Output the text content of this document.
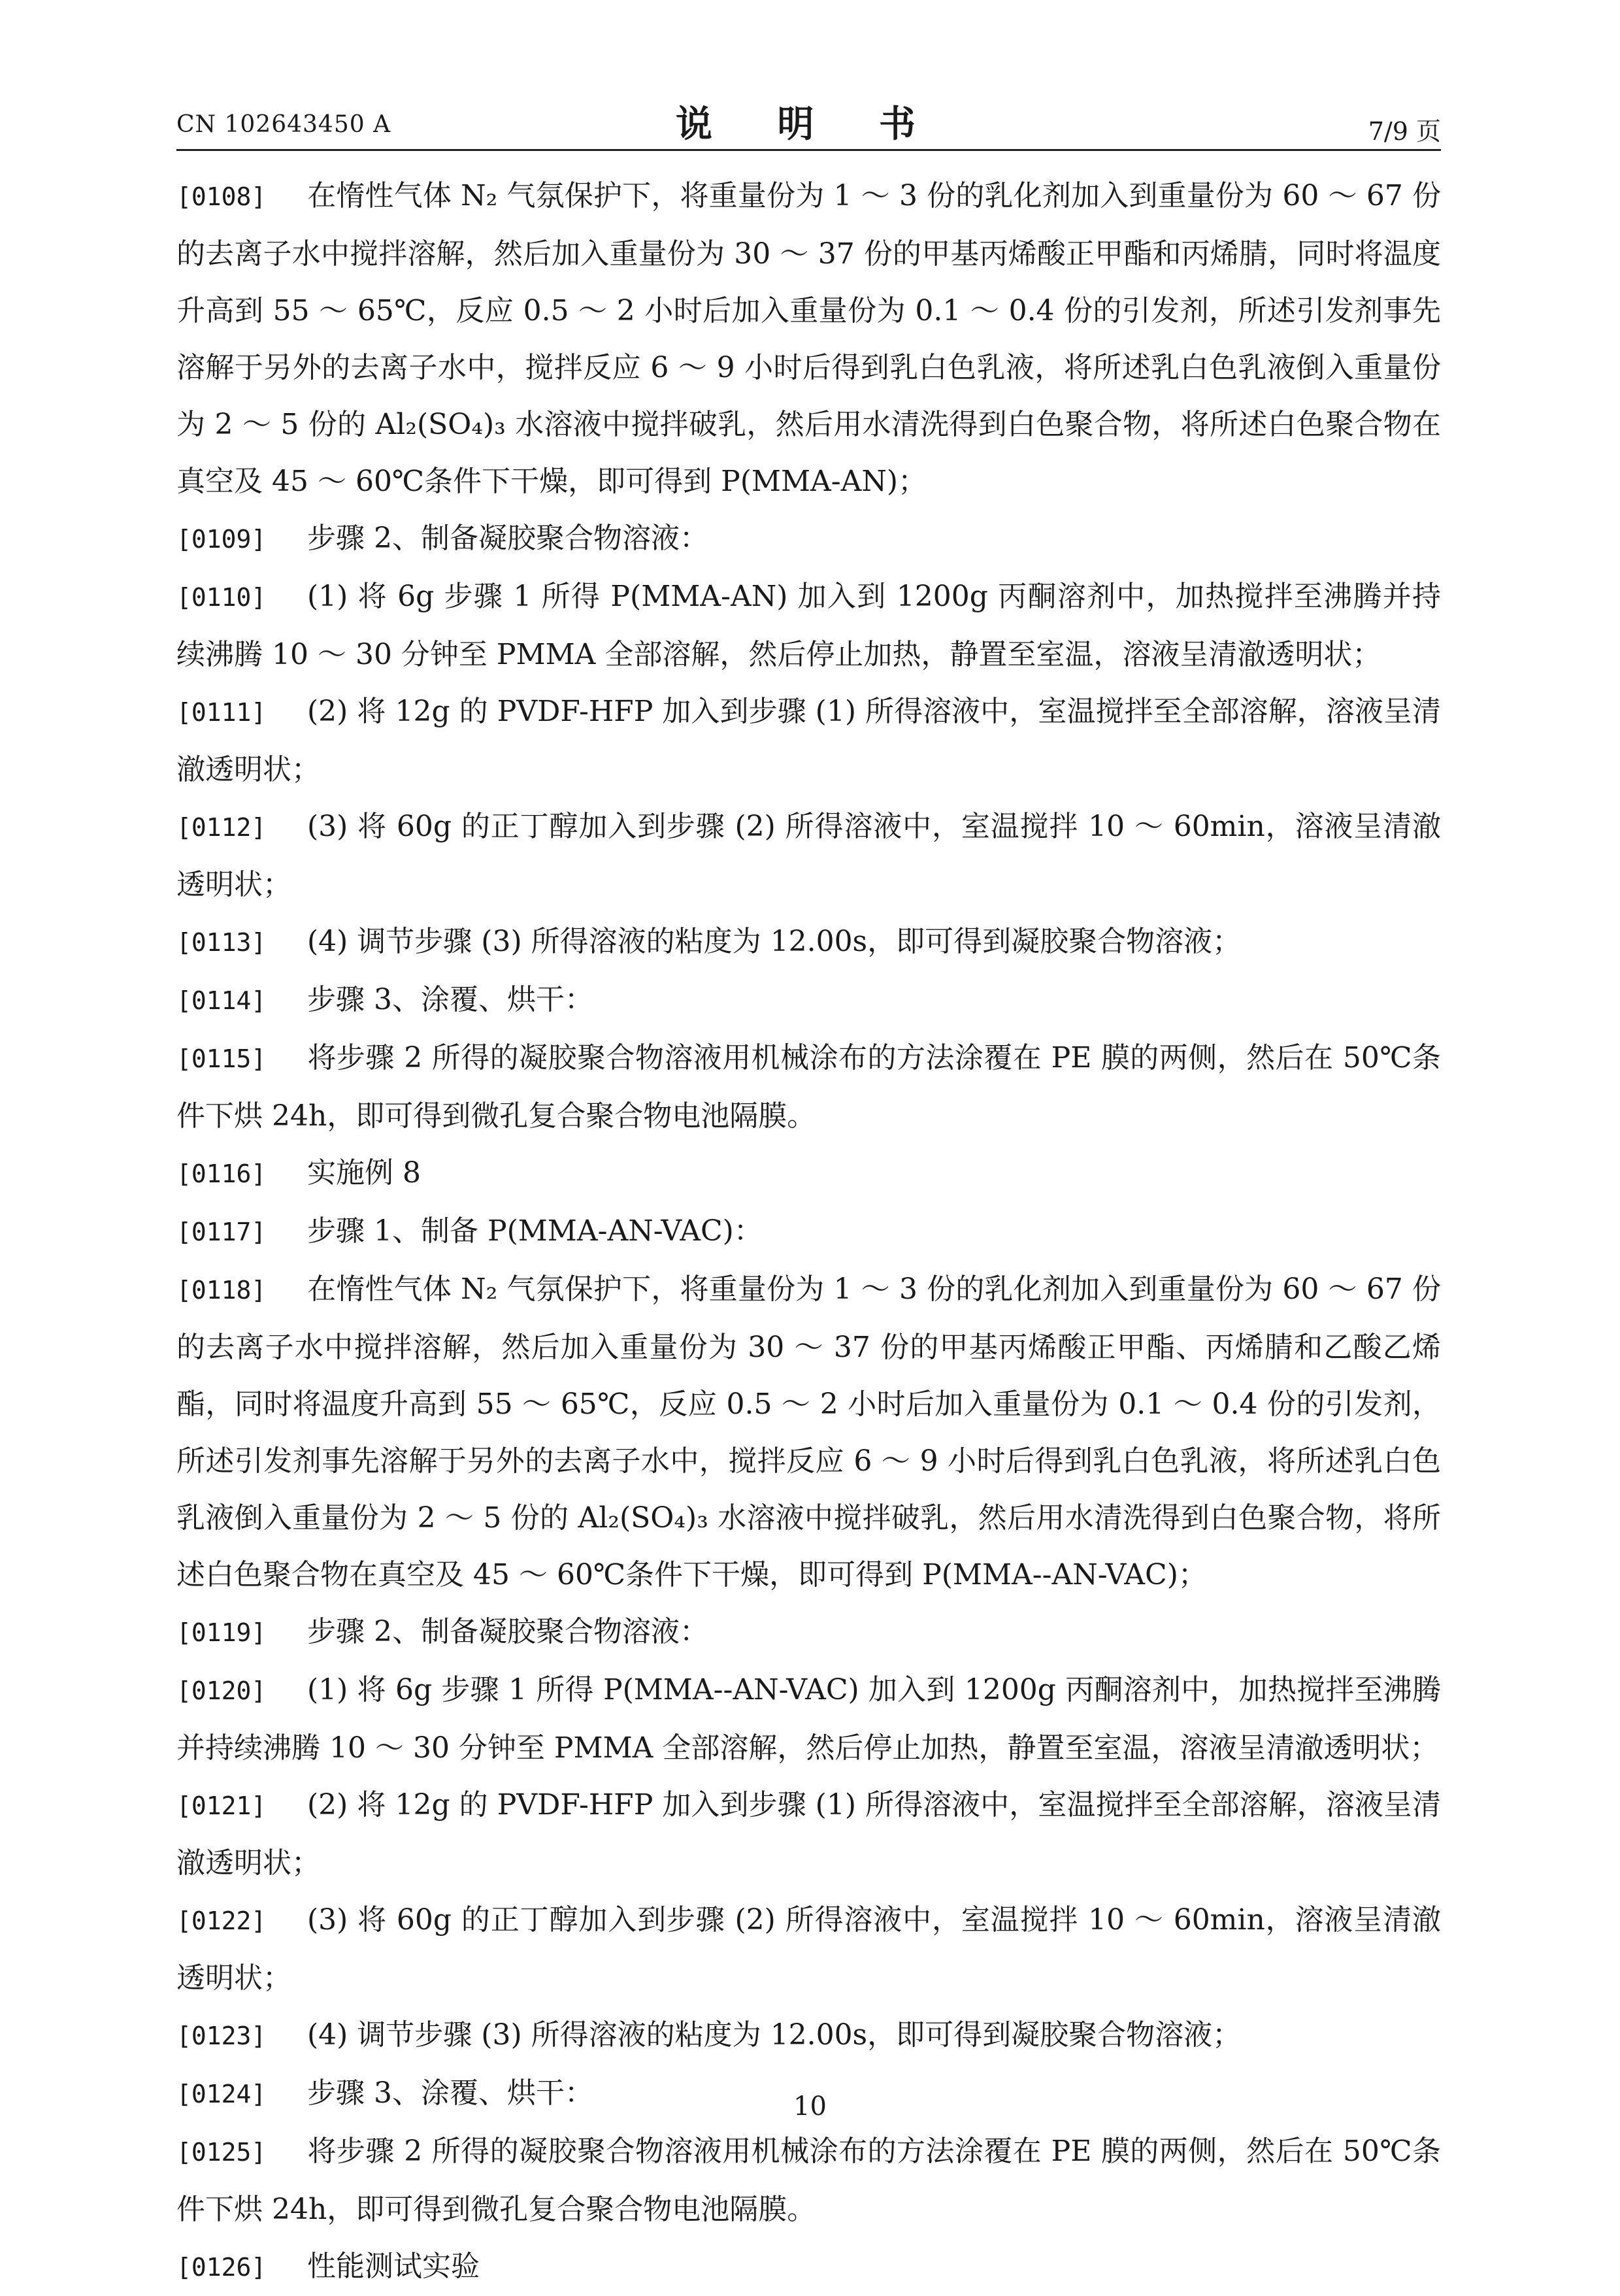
CN 102643450 A	说 明 书	7/9 页

[0108] 在惰性气体 N₂ 气氛保护下，将重量份为 1 ～ 3 份的乳化剂加入到重量份为 60 ～ 67 份的去离子水中搅拌溶解，然后加入重量份为 30 ～ 37 份的甲基丙烯酸正甲酯和丙烯腈，同时将温度升高到 55 ～ 65℃，反应 0.5 ～ 2 小时后加入重量份为 0.1 ～ 0.4 份的引发剂，所述引发剂事先溶解于另外的去离子水中，搅拌反应 6 ～ 9 小时后得到乳白色乳液，将所述乳白色乳液倒入重量份为 2 ～ 5 份的 Al₂(SO₄)₃ 水溶液中搅拌破乳，然后用水清洗得到白色聚合物，将所述白色聚合物在真空及 45 ～ 60℃条件下干燥，即可得到 P(MMA-AN)；

[0109] 步骤 2、制备凝胶聚合物溶液：

[0110] (1) 将 6g 步骤 1 所得 P(MMA-AN) 加入到 1200g 丙酮溶剂中，加热搅拌至沸腾并持续沸腾 10 ～ 30 分钟至 PMMA 全部溶解，然后停止加热，静置至室温，溶液呈清澈透明状；

[0111] (2) 将 12g 的 PVDF-HFP 加入到步骤 (1) 所得溶液中，室温搅拌至全部溶解，溶液呈清澈透明状；

[0112] (3) 将 60g 的正丁醇加入到步骤 (2) 所得溶液中，室温搅拌 10 ～ 60min，溶液呈清澈透明状；

[0113] (4) 调节步骤 (3) 所得溶液的粘度为 12.00s，即可得到凝胶聚合物溶液；

[0114] 步骤 3、涂覆、烘干：

[0115] 将步骤 2 所得的凝胶聚合物溶液用机械涂布的方法涂覆在 PE 膜的两侧，然后在 50℃条件下烘 24h，即可得到微孔复合聚合物电池隔膜。

[0116] 实施例 8

[0117] 步骤 1、制备 P(MMA-AN-VAC)：

[0118] 在惰性气体 N₂ 气氛保护下，将重量份为 1 ～ 3 份的乳化剂加入到重量份为 60 ～ 67 份的去离子水中搅拌溶解，然后加入重量份为 30 ～ 37 份的甲基丙烯酸正甲酯、丙烯腈和乙酸乙烯酯，同时将温度升高到 55 ～ 65℃，反应 0.5 ～ 2 小时后加入重量份为 0.1 ～ 0.4 份的引发剂，所述引发剂事先溶解于另外的去离子水中，搅拌反应 6 ～ 9 小时后得到乳白色乳液，将所述乳白色乳液倒入重量份为 2 ～ 5 份的 Al₂(SO₄)₃ 水溶液中搅拌破乳，然后用水清洗得到白色聚合物，将所述白色聚合物在真空及 45 ～ 60℃条件下干燥，即可得到 P(MMA--AN-VAC)；

[0119] 步骤 2、制备凝胶聚合物溶液：

[0120] (1) 将 6g 步骤 1 所得 P(MMA--AN-VAC) 加入到 1200g 丙酮溶剂中，加热搅拌至沸腾并持续沸腾 10 ～ 30 分钟至 PMMA 全部溶解，然后停止加热，静置至室温，溶液呈清澈透明状；

[0121] (2) 将 12g 的 PVDF-HFP 加入到步骤 (1) 所得溶液中，室温搅拌至全部溶解，溶液呈清澈透明状；

[0122] (3) 将 60g 的正丁醇加入到步骤 (2) 所得溶液中，室温搅拌 10 ～ 60min，溶液呈清澈透明状；

[0123] (4) 调节步骤 (3) 所得溶液的粘度为 12.00s，即可得到凝胶聚合物溶液；

[0124] 步骤 3、涂覆、烘干：

[0125] 将步骤 2 所得的凝胶聚合物溶液用机械涂布的方法涂覆在 PE 膜的两侧，然后在 50℃条件下烘 24h，即可得到微孔复合聚合物电池隔膜。

[0126] 性能测试实验

10
